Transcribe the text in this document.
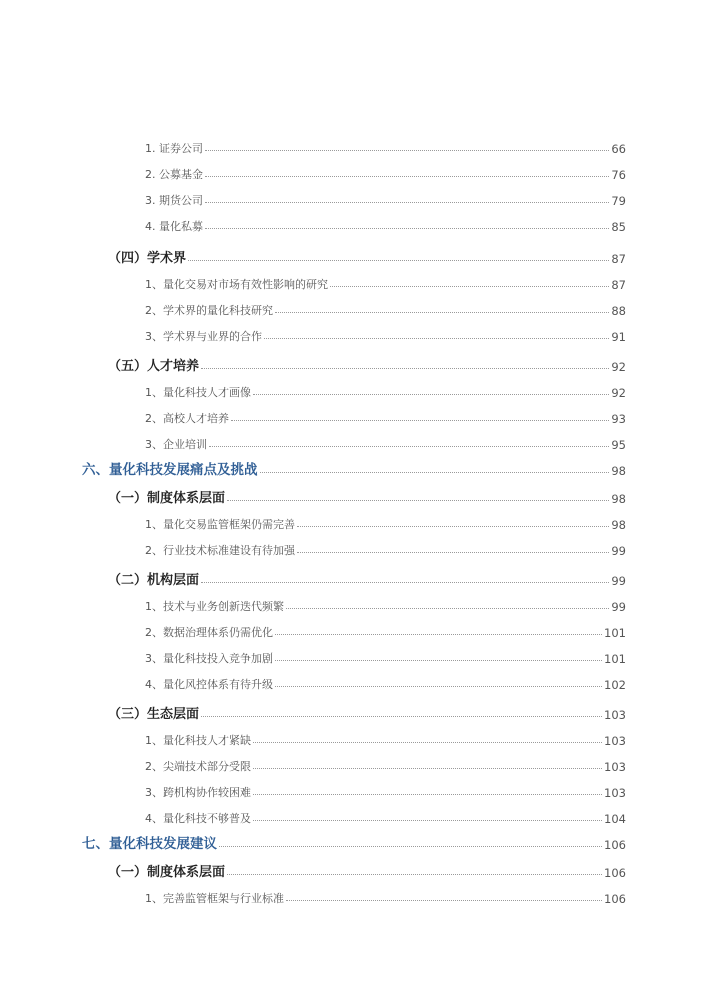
1. 证券公司	66
2. 公募基金	76
3. 期货公司	79
4. 量化私募	85
（四）学术界	87
1、量化交易对市场有效性影响的研究	87
2、学术界的量化科技研究	88
3、学术界与业界的合作	91
（五）人才培养	92
1、量化科技人才画像	92
2、高校人才培养	93
3、企业培训	95
六、量化科技发展痛点及挑战	98
（一）制度体系层面	98
1、量化交易监管框架仍需完善	98
2、行业技术标准建设有待加强	99
（二）机构层面	99
1、技术与业务创新迭代频繁	99
2、数据治理体系仍需优化	101
3、量化科技投入竞争加剧	101
4、量化风控体系有待升级	102
（三）生态层面	103
1、量化科技人才紧缺	103
2、尖端技术部分受限	103
3、跨机构协作较困难	103
4、量化科技不够普及	104
七、量化科技发展建议	106
（一）制度体系层面	106
1、完善监管框架与行业标准	106
